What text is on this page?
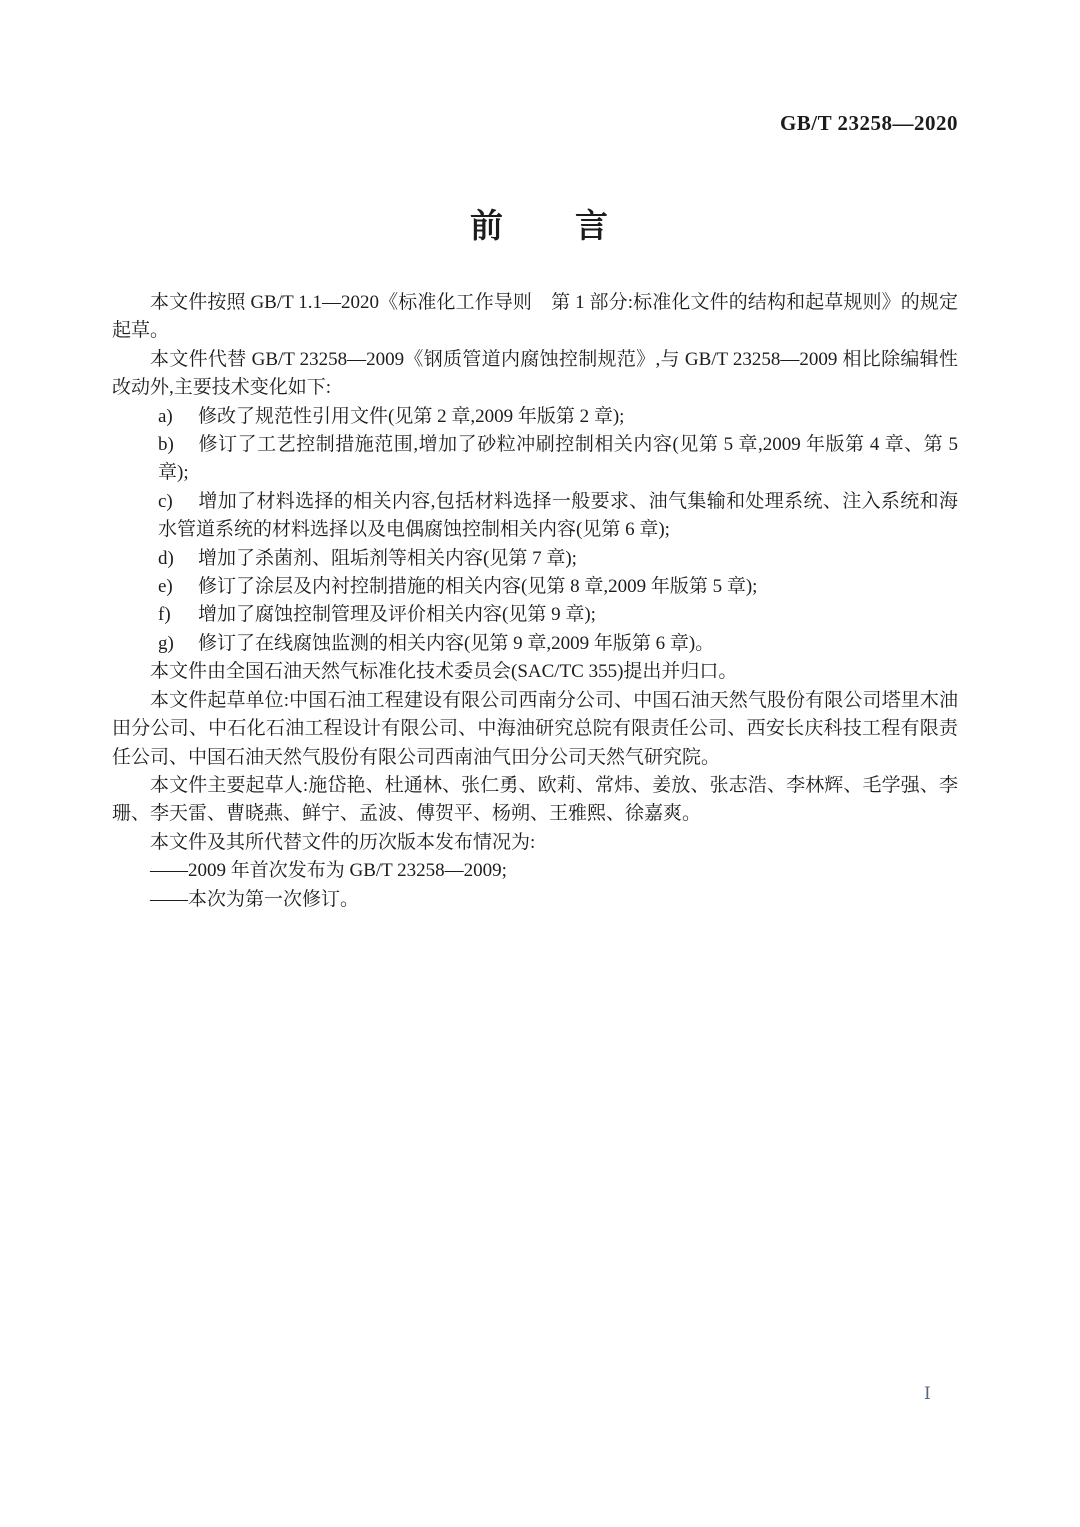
GB/T 23258—2020
前　　言

本文件按照 GB/T 1.1—2020《标准化工作导则　第 1 部分:标准化文件的结构和起草规则》的规定起草。

本文件代替 GB/T 23258—2009《钢质管道内腐蚀控制规范》,与 GB/T 23258—2009 相比除编辑性改动外,主要技术变化如下:

a) 修改了规范性引用文件(见第 2 章,2009 年版第 2 章);
b) 修订了工艺控制措施范围,增加了砂粒冲刷控制相关内容(见第 5 章,2009 年版第 4 章、第 5 章);
c) 增加了材料选择的相关内容,包括材料选择一般要求、油气集输和处理系统、注入系统和海水管道系统的材料选择以及电偶腐蚀控制相关内容(见第 6 章);
d) 增加了杀菌剂、阻垢剂等相关内容(见第 7 章);
e) 修订了涂层及内衬控制措施的相关内容(见第 8 章,2009 年版第 5 章);
f) 增加了腐蚀控制管理及评价相关内容(见第 9 章);
g) 修订了在线腐蚀监测的相关内容(见第 9 章,2009 年版第 6 章)。

本文件由全国石油天然气标准化技术委员会(SAC/TC 355)提出并归口。

本文件起草单位:中国石油工程建设有限公司西南分公司、中国石油天然气股份有限公司塔里木油田分公司、中石化石油工程设计有限公司、中海油研究总院有限责任公司、西安长庆科技工程有限责任公司、中国石油天然气股份有限公司西南油气田分公司天然气研究院。

本文件主要起草人:施岱艳、杜通林、张仁勇、欧莉、常炜、姜放、张志浩、李林辉、毛学强、李珊、李天雷、曹晓燕、鲜宁、孟波、傅贺平、杨朔、王雅熙、徐嘉爽。

本文件及其所代替文件的历次版本发布情况为:

——2009 年首次发布为 GB/T 23258—2009;

——本次为第一次修订。

Ⅰ
